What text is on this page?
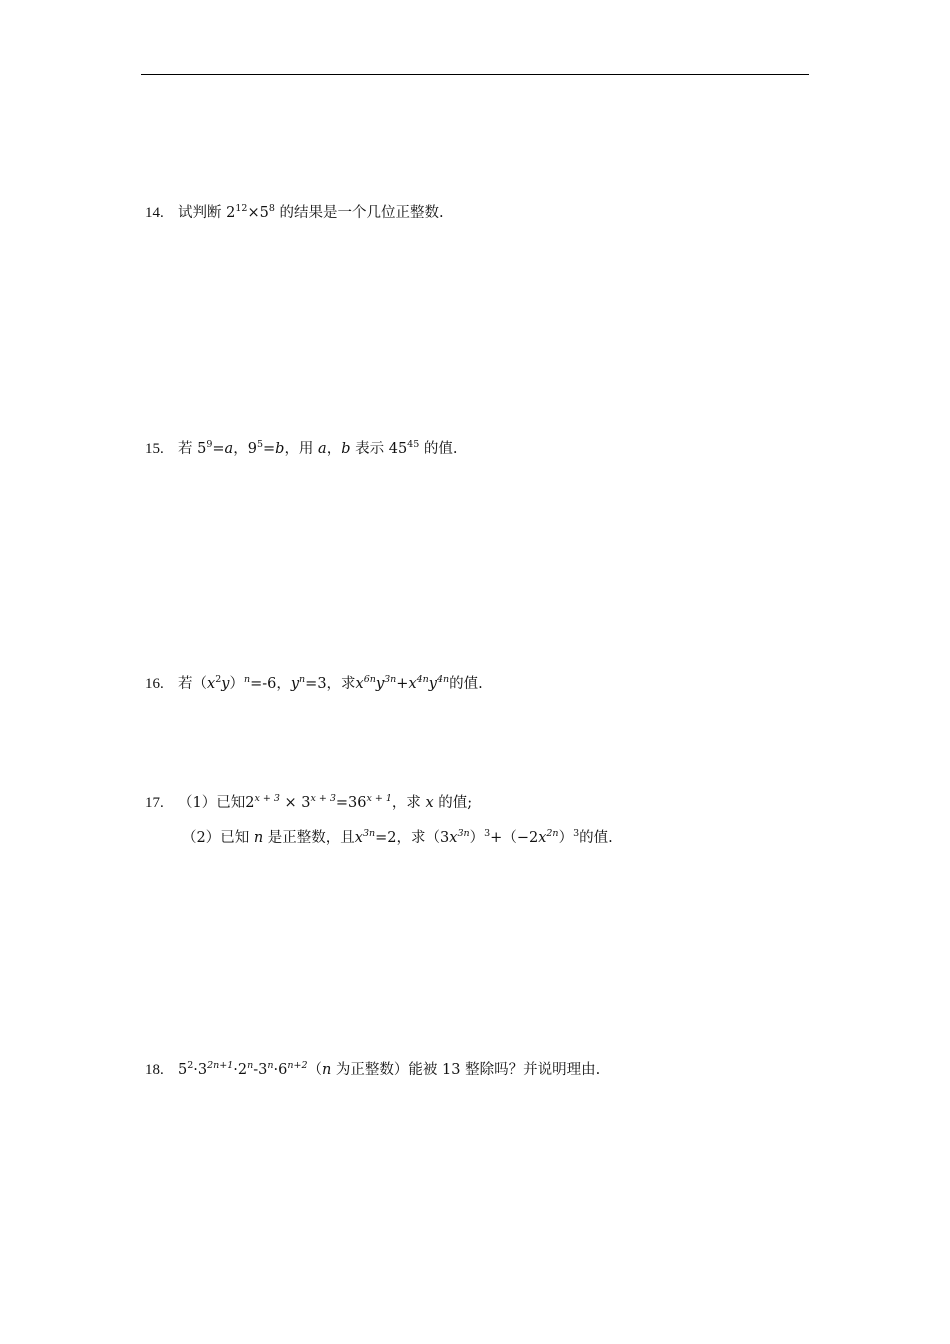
14. 试判断 $2^{12}\times 5^8$ 的结果是一个几位正整数.
15. 若 $5^9=a$，$9^5=b$，用 a，b 表示 $45^{45}$ 的值.
16. 若$(x^2y)^n=-6$，$y^n=3$，求$x^{6n}y^{3n}+x^{4n}y^{4n}$的值.
17. （1）已知$2^{x + 3} \times 3^{x + 3}=36^{x + 1}$，求 x 的值;
（2）已知 n 是正整数，且$x^{3n}=2$，求$(3x^{3n})^3+(-2x^{2n})^3$的值.
18. $5^2\cdot 3^{2n+1}\cdot 2^n-3^n\cdot 6^{n+2}(n$ 为正整数）能被 13 整除吗？并说明理由.
